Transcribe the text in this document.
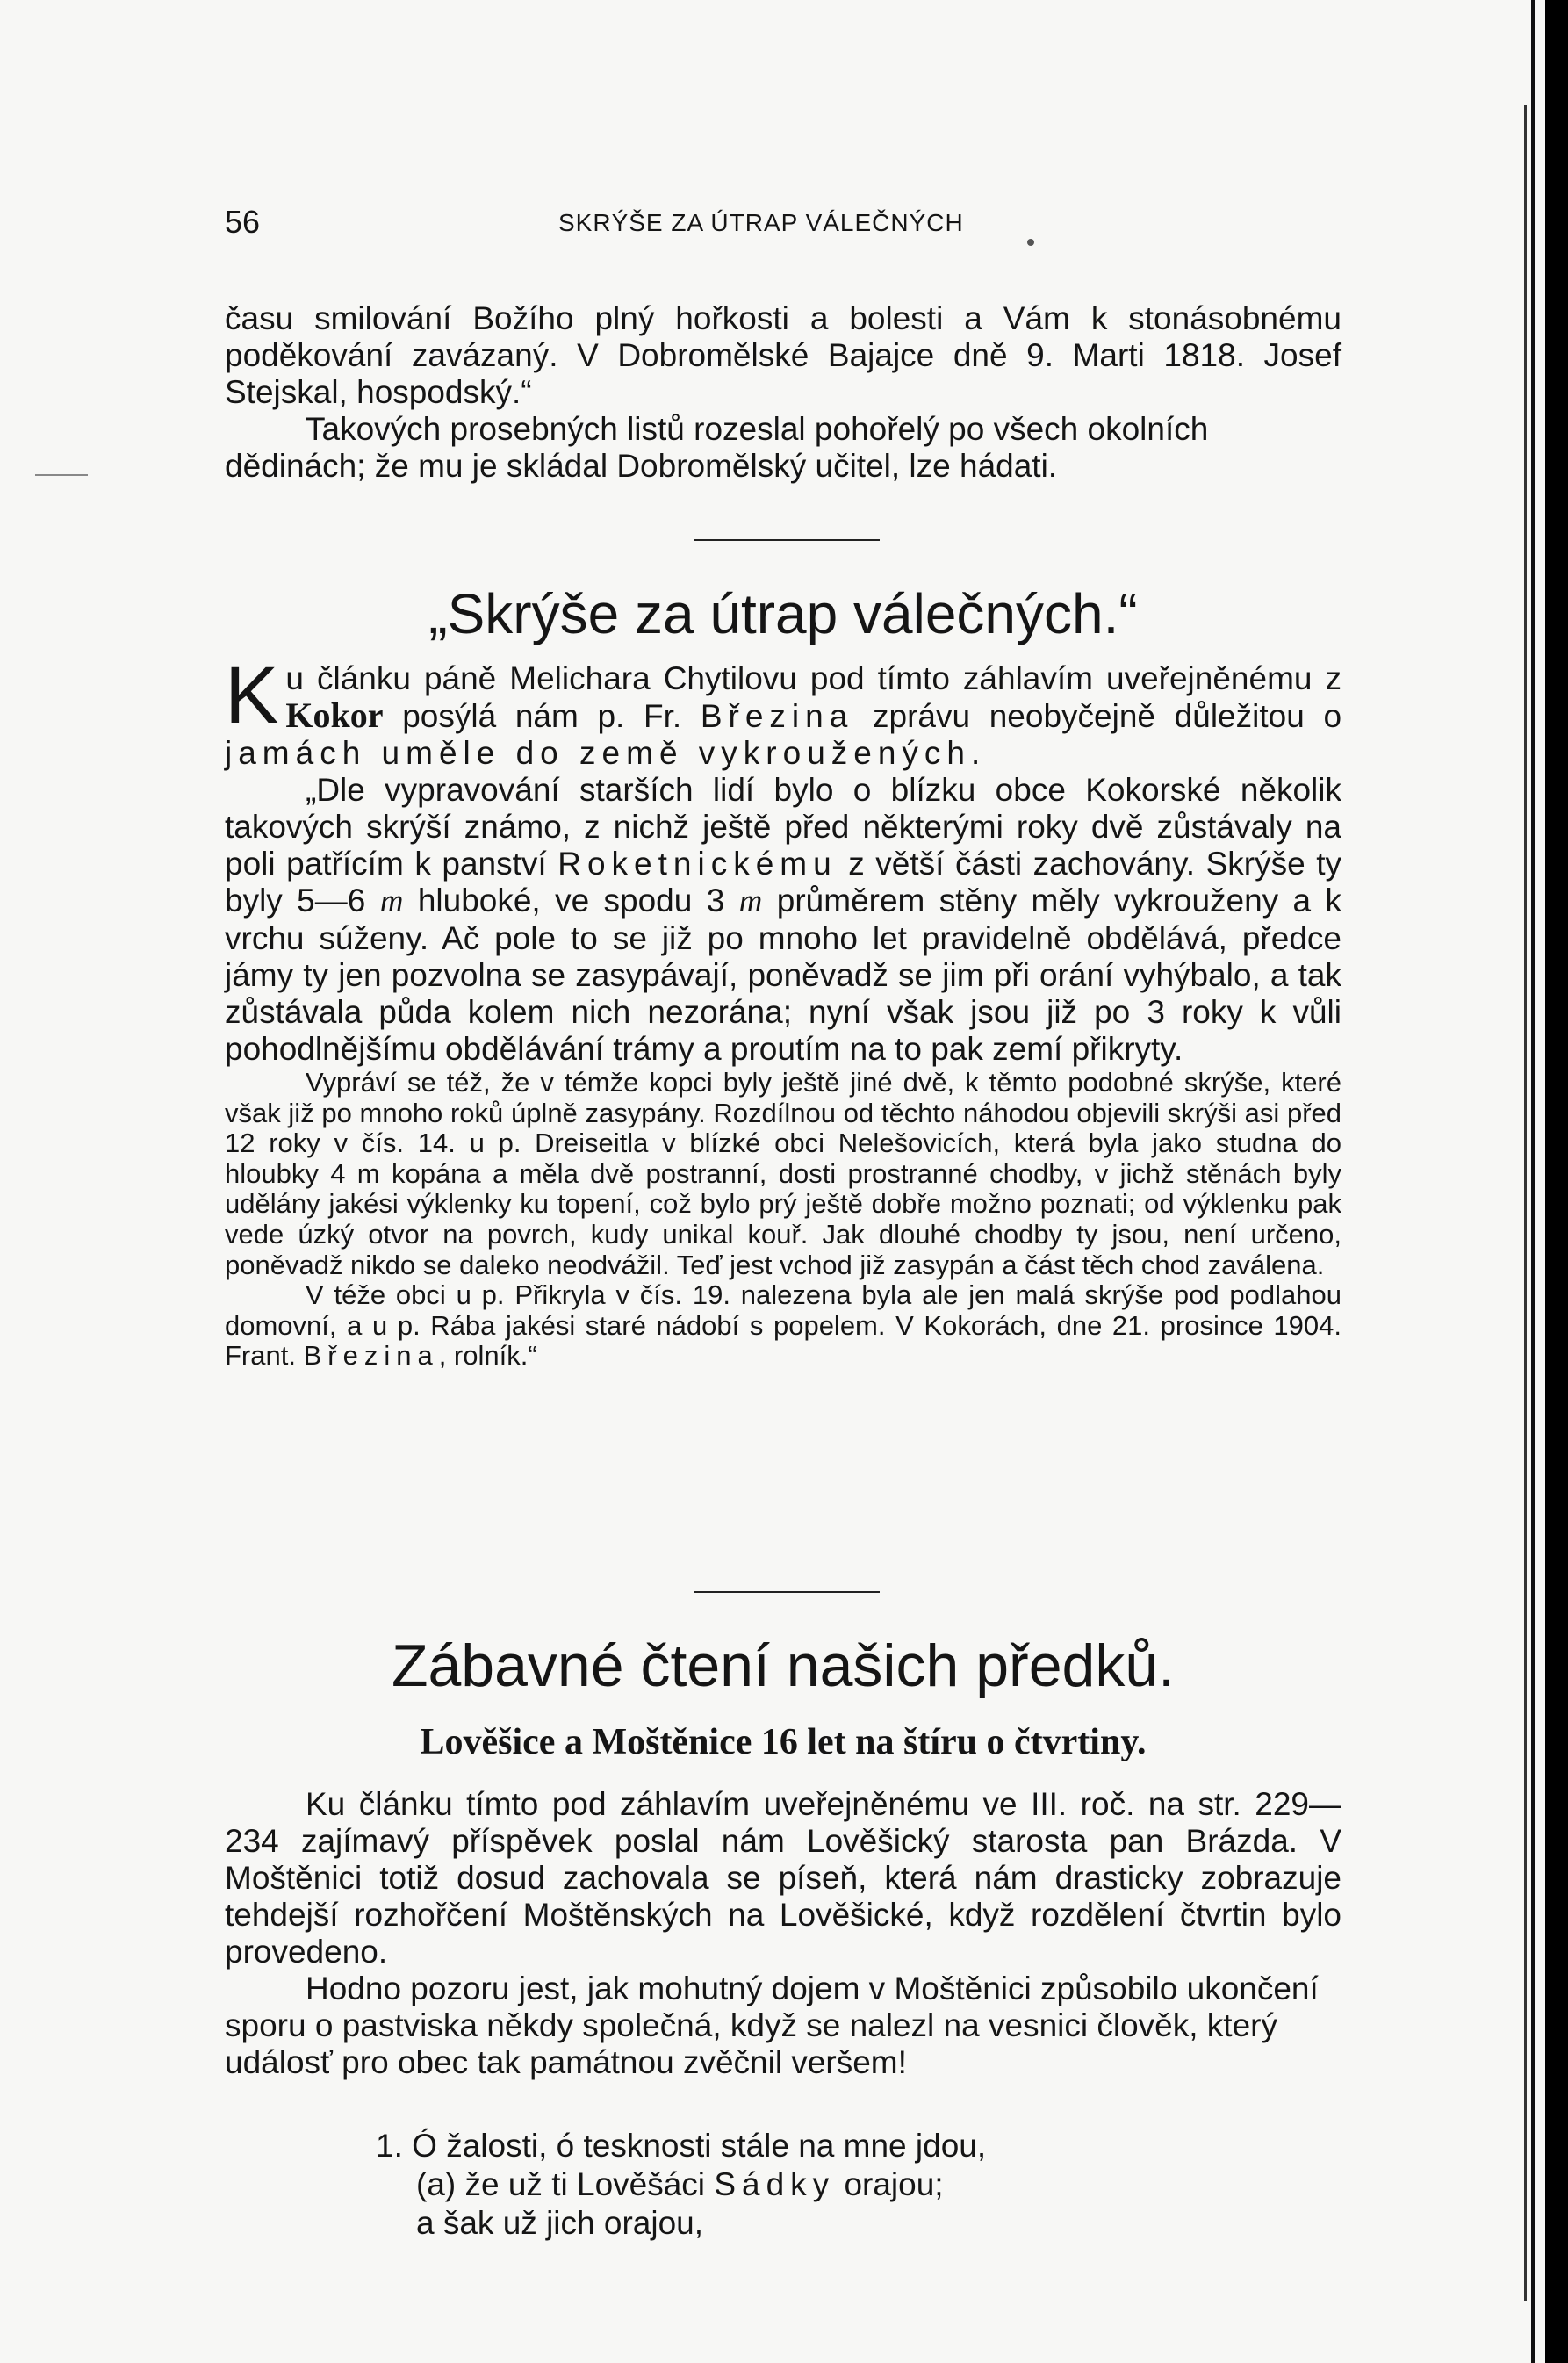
56	SKRÝŠE ZA ÚTRAP VÁLEČNÝCH

času smilování Božího plný hořkosti a bolesti a Vám k stonásobnému poděkování zavázaný. V Dobromělské Bajajce dně 9. Marti 1818. Josef Stejskal, hospodský.“

Takových prosebných listů rozeslal pohořelý po všech okolních dědinách; že mu je skládal Dobromělský učitel, lze hádati.

„Skrýše za útrap válečných.“

Ku článku páně Melichara Chytilovu pod tímto záhlavím uveřejněnému z Kokor posýlá nám p. Fr. Březina zprávu neobyčejně důležitou o jamách uměle do země vykroužených.

„Dle vypravování starších lidí bylo o blízku obce Kokorské několik takových skrýší známo, z nichž ještě před některými roky dvě zůstávaly na poli patřícím k panství Roketnickému z větší části zachovány. Skrýše ty byly 5—6 m hluboké, ve spodu 3 m průměrem stěny měly vykrouženy a k vrchu súženy. Ač pole to se již po mnoho let pravidelně obdělává, předce jámy ty jen pozvolna se zasypávají, poněvadž se jim při orání vyhýbalo, a tak zůstávala půda kolem nich nezorána; nyní však jsou již po 3 roky k vůli pohodlnějšímu obdělávání trámy a proutím na to pak zemí přikryty.

Vypráví se též, že v témže kopci byly ještě jiné dvě, k těmto podobné skrýše, které však již po mnoho roků úplně zasypány. Rozdílnou od těchto náhodou objevili skrýši asi před 12 roky v čís. 14. u p. Dreiseitla v blízké obci Nelešovicích, která byla jako studna do hloubky 4 m kopána a měla dvě postranní, dosti prostranné chodby, v jichž stěnách byly udělány jakési výklenky ku topení, což bylo prý ještě dobře možno poznati; od výklenku pak vede úzký otvor na povrch, kudy unikal kouř. Jak dlouhé chodby ty jsou, není určeno, poněvadž nikdo se daleko neodvážil. Teď jest vchod již zasypán a část těch chod zaválena.

V téže obci u p. Přikryla v čís. 19. nalezena byla ale jen malá skrýše pod podlahou domovní, a u p. Rába jakési staré nádobí s popelem. V Kokorách, dne 21. prosince 1904. Frant. Březina, rolník.“

Zábavné čtení našich předků.
Lověšice a Moštěnice 16 let na štíru o čtvrtiny.

Ku článku tímto pod záhlavím uveřejněnému ve III. roč. na str. 229—234 zajímavý příspěvek poslal nám Lověšický starosta pan Brázda. V Moštěnici totiž dosud zachovala se píseň, která nám drasticky zobrazuje tehdejší rozhořčení Moštěnských na Lověšické, když rozdělení čtvrtin bylo provedeno.

Hodno pozoru jest, jak mohutný dojem v Moštěnici způsobilo ukončení sporu o pastviska někdy společná, když se nalezl na vesnici člověk, který událosť pro obec tak památnou zvěčnil veršem!

1. Ó žalosti, ó tesknosti stále na mne jdou,
(a) že už ti Lověšáci Sádky orajou;
a šak už jich orajou,
